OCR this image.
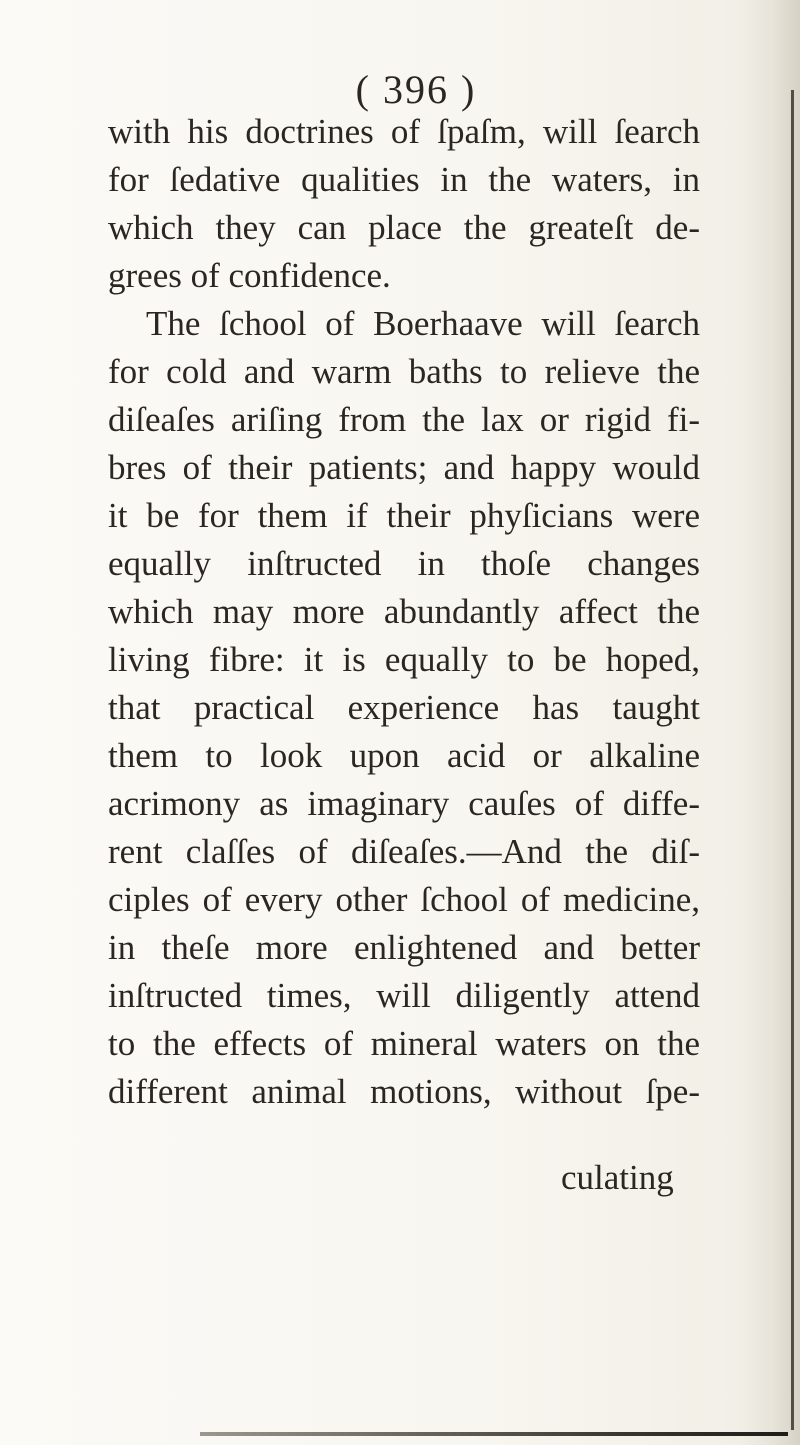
( 396 )
with his doctrines of ſpaſm, will ſearch
for ſedative qualities in the waters, in
which they can place the greateſt de-
grees of confidence.
The ſchool of Boerhaave will ſearch
for cold and warm baths to relieve the
diſeaſes ariſing from the lax or rigid fi-
bres of their patients; and happy would
it be for them if their phyſicians were
equally inſtructed in thoſe changes
which may more abundantly affect the
living fibre: it is equally to be hoped,
that practical experience has taught
them to look upon acid or alkaline
acrimony as imaginary cauſes of diffe-
rent claſſes of diſeaſes.—And the diſ-
ciples of every other ſchool of medicine,
in theſe more enlightened and better
inſtructed times, will diligently attend
to the effects of mineral waters on the
different animal motions, without ſpe-
culating
